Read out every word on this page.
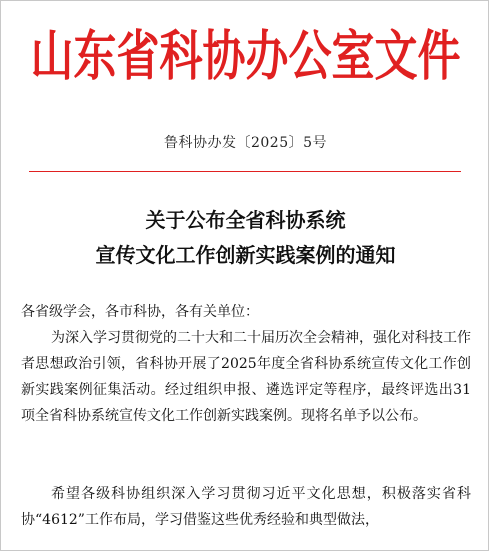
山东省科协办公室文件
鲁科协办发〔2025〕5号
关于公布全省科协系统
宣传文化工作创新实践案例的通知
各省级学会，各市科协，各有关单位：
为深入学习贯彻党的二十大和二十届历次全会精神，强化对科技工作者思想政治引领，省科协开展了2025年度全省科协系统宣传文化工作创新实践案例征集活动。经过组织申报、遴选评定等程序，最终评选出31项全省科协系统宣传文化工作创新实践案例。现将名单予以公布。
希望各级科协组织深入学习贯彻习近平文化思想，积极落实省科协“4612”工作布局，学习借鉴这些优秀经验和典型做法，
